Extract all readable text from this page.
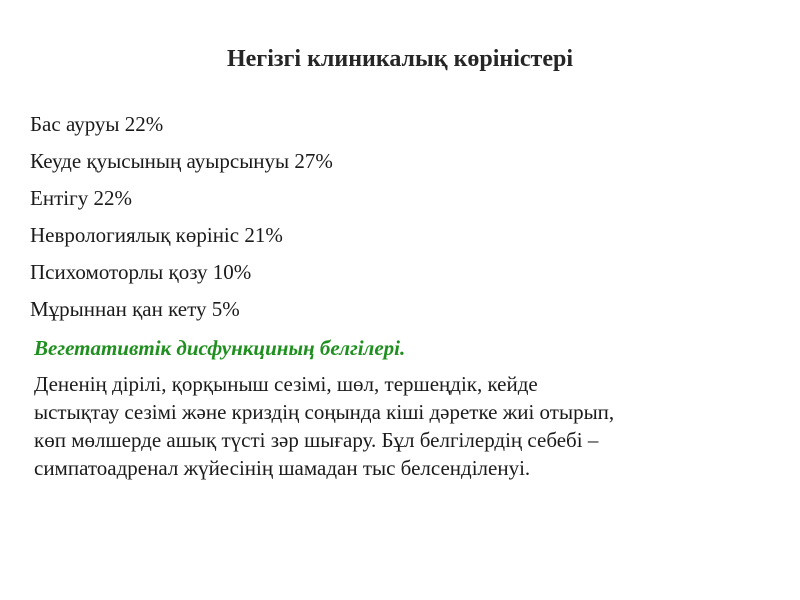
Негізгі клиникалық көріністері

Бас ауруы 22%

Кеуде қуысының ауырсынуы 27%

Ентігу 22%

Неврологиялық көрініс 21%

Психомоторлы қозу 10%

Мұрыннан қан кету 5%

Вегетативтік дисфункциның белгілері.

Дененің дірілі, қорқыныш сезімі, шөл, тершеңдік, кейде
ыстықтау сезімі және криздің соңында кіші дәретке жиі отырып,
көп мөлшерде ашық түсті зәр шығару. Бұл белгілердің себебі –
симпатоадренал жүйесінің шамадан тыс белсенділенуі.
